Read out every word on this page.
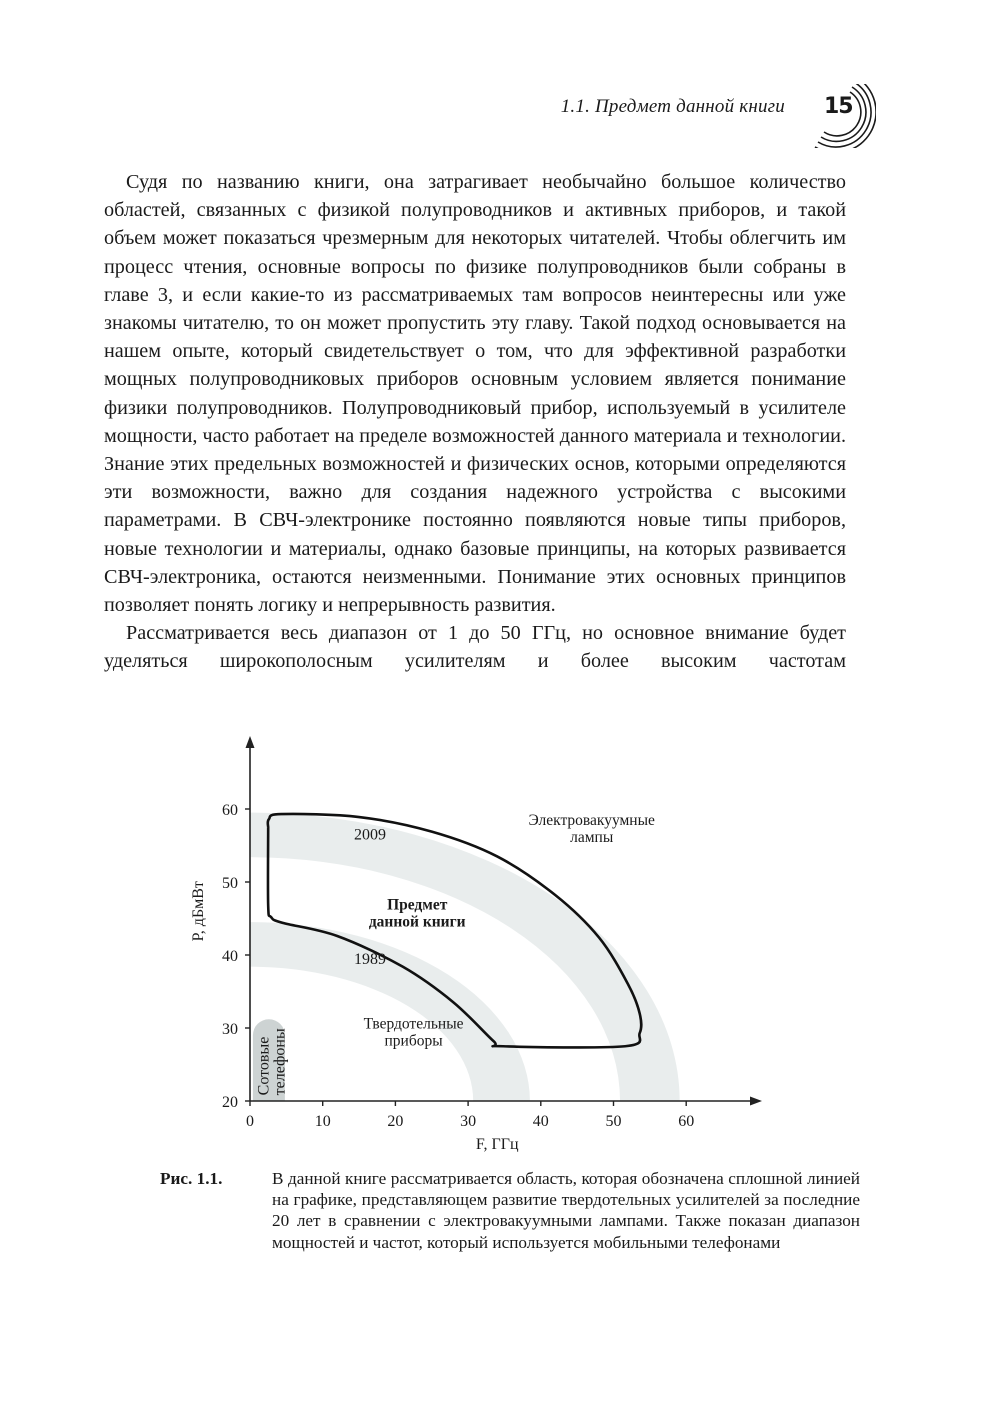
1.1. Предмет данной книги 15

Судя по названию книги, она затрагивает необычайно большое количество областей, связанных с физикой полупроводников и активных приборов, и такой объем может показаться чрезмерным для некоторых читателей. Чтобы облегчить им процесс чтения, основные вопросы по физике полупроводников были собраны в главе 3, и если какие-то из рассматриваемых там вопросов неинтересны или уже знакомы читателю, то он может пропустить эту главу. Такой подход основывается на нашем опыте, который свидетельствует о том, что для эффективной разработки мощных полупроводниковых приборов основным условием является понимание физики полупроводников. Полупроводниковый прибор, используемый в усилителе мощности, часто работает на пределе возможностей данного материала и технологии. Знание этих предельных возможностей и физических основ, которыми определяются эти возможности, важно для создания надежного устройства с высокими параметрами. В СВЧ-электронике постоянно появляются новые типы приборов, новые технологии и материалы, однако базовые принципы, на которых развивается СВЧ-электроника, остаются неизменными. Понимание этих основных принципов позволяет понять логику и непрерывность развития.

Рассматривается весь диапазон от 1 до 50 ГГц, но основное внимание будет уделяться широкополосным усилителям и более высоким частотам

0	10	20	30	40	50	60
20
30
40
50
60
F, ГГц
P, дБмВт
1989
2009
Предмет
данной книги
Электровакуумные
лампы
Твердотельные
приборы
Сотовые телефоны
Рис. 1.1.	В данной книге рассматривается область, которая обозначена сплошной линией на графике, представляющем развитие твердотельных усилителей за последние 20 лет в сравнении с электровакуумными лампами. Также показан диапазон мощностей и частот, который используется мобильными телефонами
